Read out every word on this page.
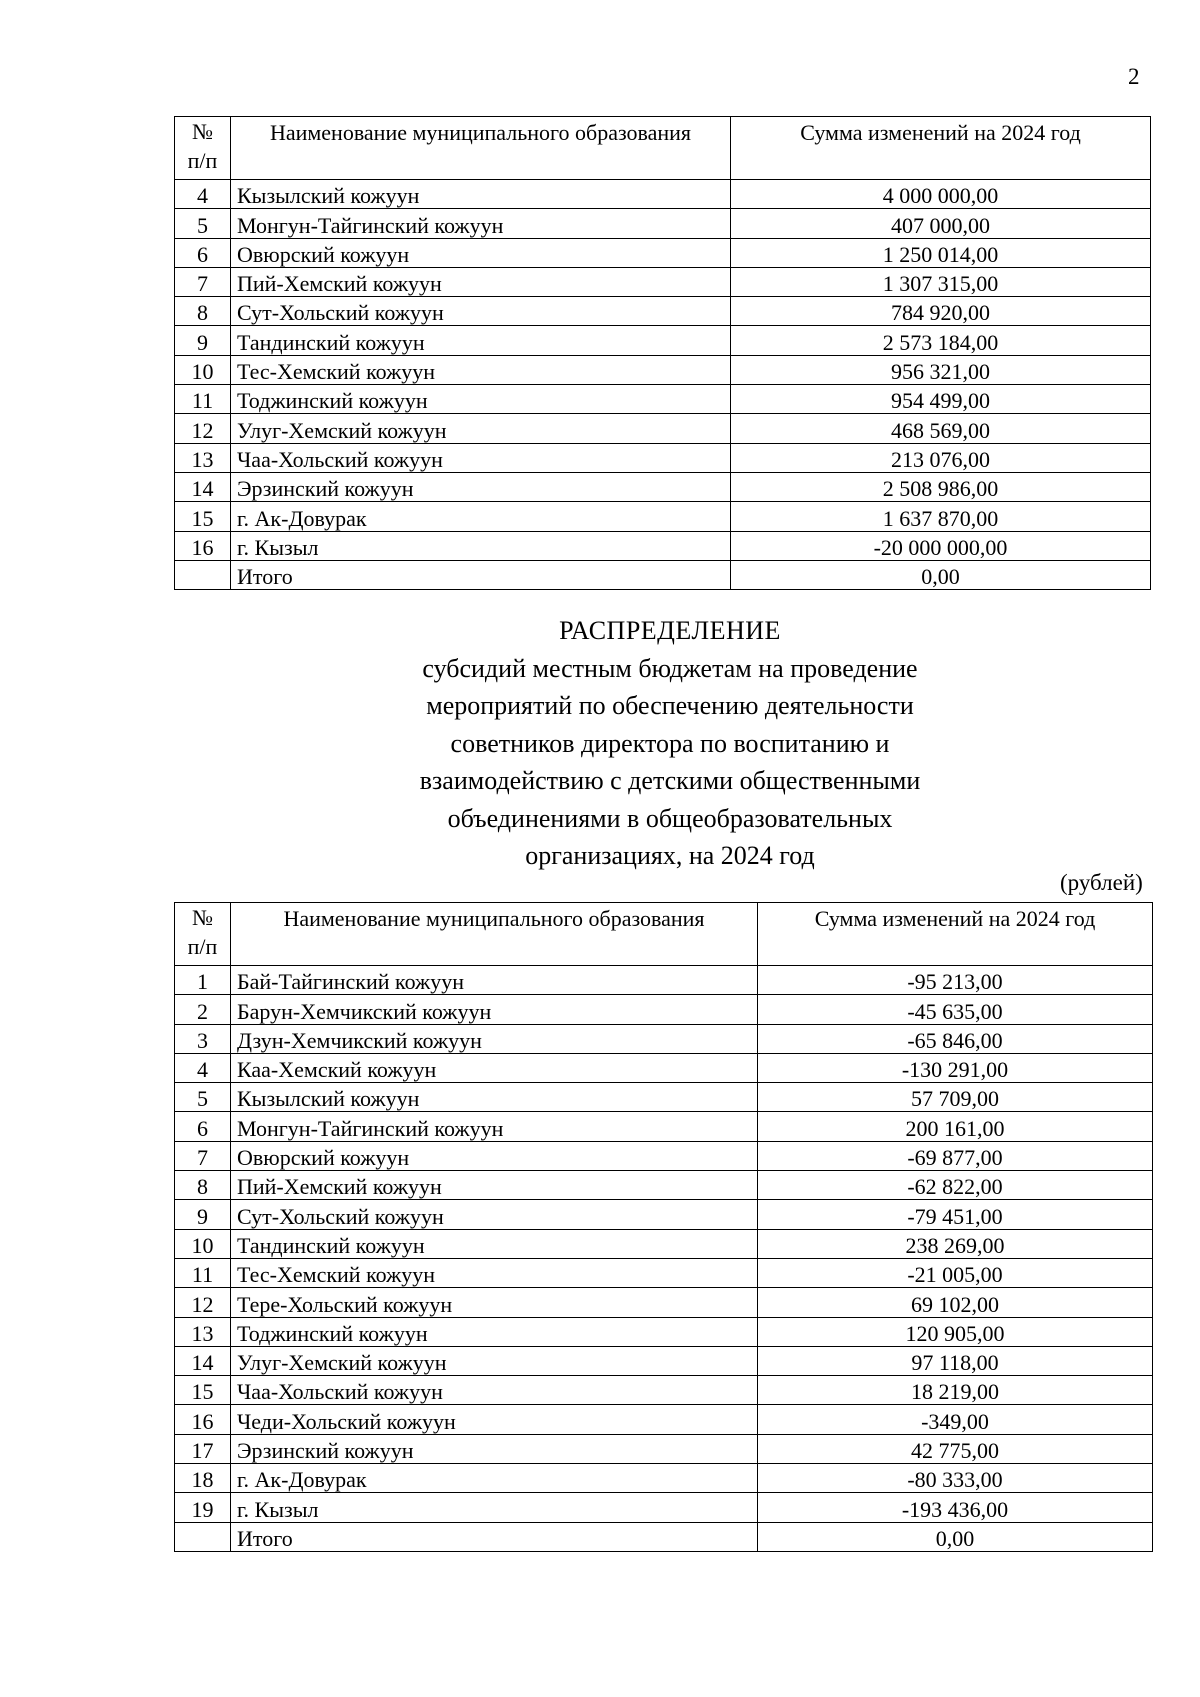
2
№
п/п	Наименование муниципального образования	Сумма изменений на 2024 год
4	Кызылский кожуун	4 000 000,00
5	Монгун-Тайгинский кожуун	407 000,00
6	Овюрский кожуун	1 250 014,00
7	Пий-Хемский кожуун	1 307 315,00
8	Сут-Хольский кожуун	784 920,00
9	Тандинский кожуун	2 573 184,00
10	Тес-Хемский кожуун	956 321,00
11	Тоджинский кожуун	954 499,00
12	Улуг-Хемский кожуун	468 569,00
13	Чаа-Хольский кожуун	213 076,00
14	Эрзинский кожуун	2 508 986,00
15	г. Ак-Довурак	1 637 870,00
16	г. Кызыл	-20 000 000,00
	Итого	0,00
РАСПРЕДЕЛЕНИЕ
субсидий местным бюджетам на проведение
мероприятий по обеспечению деятельности
советников директора по воспитанию и
взаимодействию с детскими общественными
объединениями в общеобразовательных
организациях, на 2024 год
(рублей)
№
п/п	Наименование муниципального образования	Сумма изменений на 2024 год
1	Бай-Тайгинский кожуун	-95 213,00
2	Барун-Хемчикский кожуун	-45 635,00
3	Дзун-Хемчикский кожуун	-65 846,00
4	Каа-Хемский кожуун	-130 291,00
5	Кызылский кожуун	57 709,00
6	Монгун-Тайгинский кожуун	200 161,00
7	Овюрский кожуун	-69 877,00
8	Пий-Хемский кожуун	-62 822,00
9	Сут-Хольский кожуун	-79 451,00
10	Тандинский кожуун	238 269,00
11	Тес-Хемский кожуун	-21 005,00
12	Тере-Хольский кожуун	69 102,00
13	Тоджинский кожуун	120 905,00
14	Улуг-Хемский кожуун	97 118,00
15	Чаа-Хольский кожуун	18 219,00
16	Чеди-Хольский кожуун	-349,00
17	Эрзинский кожуун	42 775,00
18	г. Ак-Довурак	-80 333,00
19	г. Кызыл	-193 436,00
	Итого	0,00
